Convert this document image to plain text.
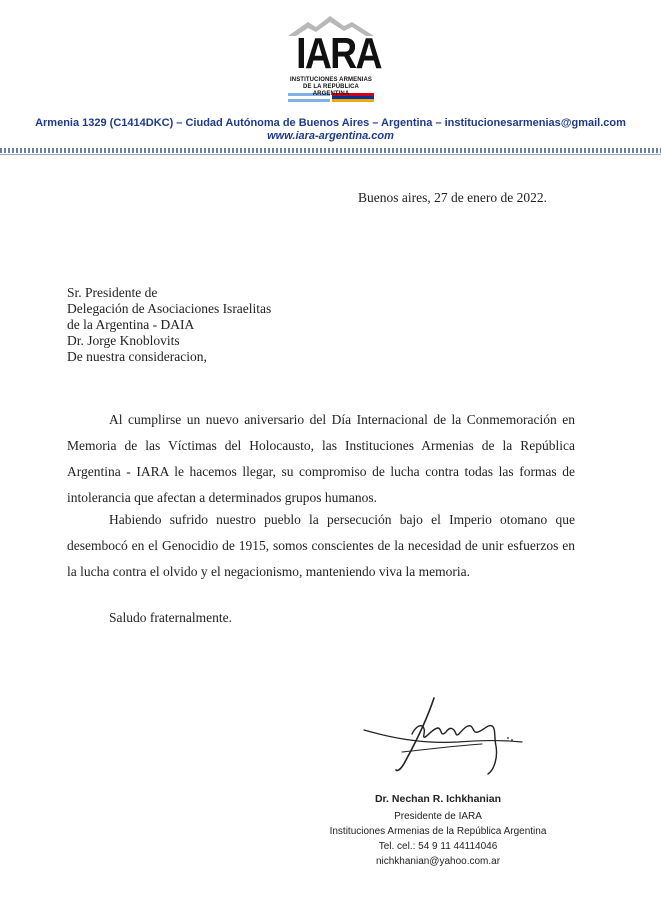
IARA
INSTITUCIONES ARMENIAS
DE LA REPÚBLICA ARGENTINA
Armenia 1329 (C1414DKC) – Ciudad Autónoma de Buenos Aires – Argentina – institucionesarmenias@gmail.com
www.iara-argentina.com
Buenos aires, 27 de enero de 2022.
Sr. Presidente de
Delegación de Asociaciones Israelitas
de la Argentina - DAIA
Dr. Jorge Knoblovits
De nuestra consideracion,

Al cumplirse un nuevo aniversario del Día Internacional de la Conmemoración en Memoria de las Víctimas del Holocausto, las Instituciones Armenias de la República Argentina - IARA le hacemos llegar, su compromiso de lucha contra todas las formas de intolerancia que afectan a determinados grupos humanos.

Habiendo sufrido nuestro pueblo la persecución bajo el Imperio otomano que desembocó en el Genocidio de 1915, somos conscientes de la necesidad de unir esfuerzos en la lucha contra el olvido y el negacionismo, manteniendo viva la memoria.

Saludo fraternalmente.
Dr. Nechan R. Ichkhanian
Presidente de IARA
Instituciones Armenias de la República Argentina
Tel. cel.: 54 9 11 44114046
nichkhanian@yahoo.com.ar
